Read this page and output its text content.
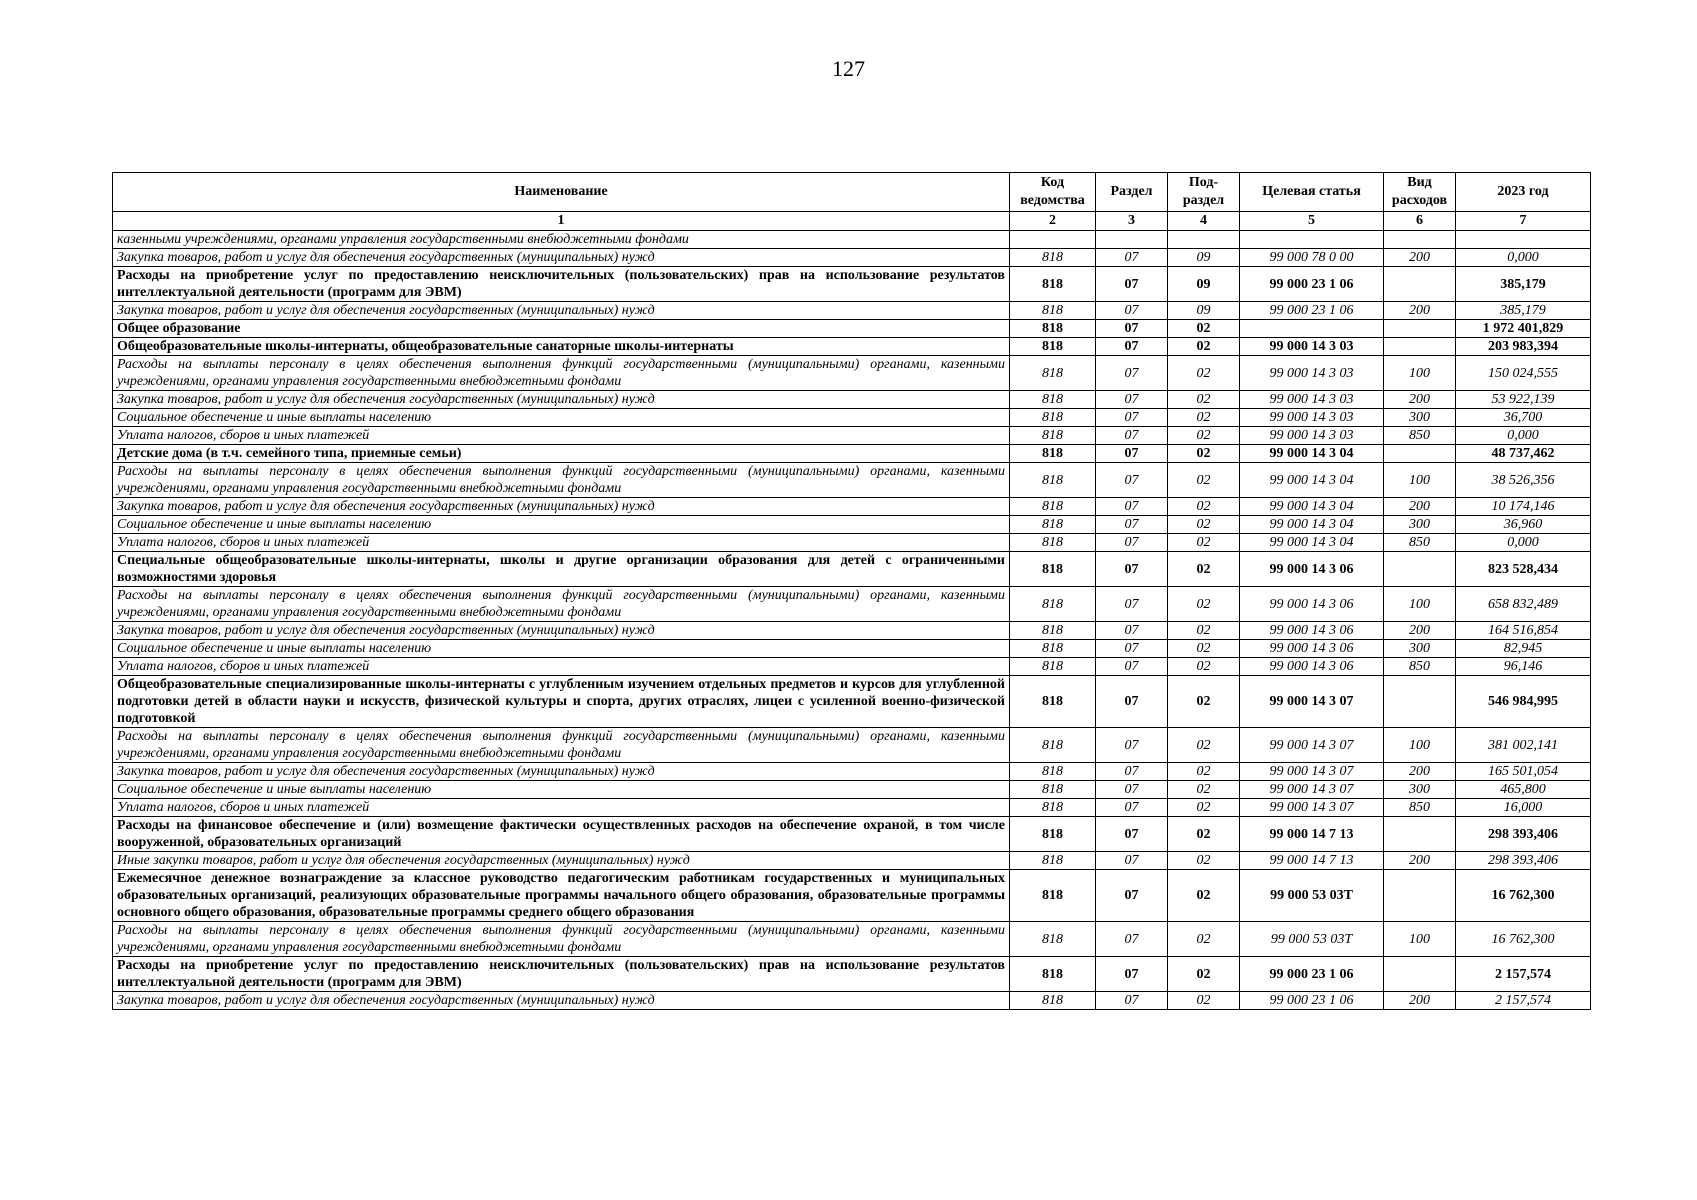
127
Наименование	Код ведомства	Раздел	Под-раздел	Целевая статья	Вид расходов	2023 год
1	2	3	4	5	6	7
казенными учреждениями, органами управления государственными внебюджетными фондами						
Закупка товаров, работ и услуг для обеспечения государственных (муниципальных) нужд	818	07	09	99 000 78 0 00	200	0,000
Расходы на приобретение услуг по предоставлению неисключительных (пользовательских) прав на использование результатов интеллектуальной деятельности (программ для ЭВМ)	818	07	09	99 000 23 1 06		385,179
Закупка товаров, работ и услуг для обеспечения государственных (муниципальных) нужд	818	07	09	99 000 23 1 06	200	385,179
Общее образование	818	07	02			1 972 401,829
Общеобразовательные школы-интернаты, общеобразовательные санаторные школы-интернаты	818	07	02	99 000 14 3 03		203 983,394
Расходы на выплаты персоналу в целях обеспечения выполнения функций государственными (муниципальными) органами, казенными учреждениями, органами управления государственными внебюджетными фондами	818	07	02	99 000 14 3 03	100	150 024,555
Закупка товаров, работ и услуг для обеспечения государственных (муниципальных) нужд	818	07	02	99 000 14 3 03	200	53 922,139
Социальное обеспечение и иные выплаты населению	818	07	02	99 000 14 3 03	300	36,700
Уплата налогов, сборов и иных платежей	818	07	02	99 000 14 3 03	850	0,000
Детские дома (в т.ч. семейного типа, приемные семьи)	818	07	02	99 000 14 3 04		48 737,462
Расходы на выплаты персоналу в целях обеспечения выполнения функций государственными (муниципальными) органами, казенными учреждениями, органами управления государственными внебюджетными фондами	818	07	02	99 000 14 3 04	100	38 526,356
Закупка товаров, работ и услуг для обеспечения государственных (муниципальных) нужд	818	07	02	99 000 14 3 04	200	10 174,146
Социальное обеспечение и иные выплаты населению	818	07	02	99 000 14 3 04	300	36,960
Уплата налогов, сборов и иных платежей	818	07	02	99 000 14 3 04	850	0,000
Специальные общеобразовательные школы-интернаты, школы и другие организации образования для детей с ограниченными возможностями здоровья	818	07	02	99 000 14 3 06		823 528,434
Расходы на выплаты персоналу в целях обеспечения выполнения функций государственными (муниципальными) органами, казенными учреждениями, органами управления государственными внебюджетными фондами	818	07	02	99 000 14 3 06	100	658 832,489
Закупка товаров, работ и услуг для обеспечения государственных (муниципальных) нужд	818	07	02	99 000 14 3 06	200	164 516,854
Социальное обеспечение и иные выплаты населению	818	07	02	99 000 14 3 06	300	82,945
Уплата налогов, сборов и иных платежей	818	07	02	99 000 14 3 06	850	96,146
Общеобразовательные специализированные школы-интернаты с углубленным изучением отдельных предметов и курсов для углубленной подготовки детей в области науки и искусств, физической культуры и спорта, других отраслях, лицеи с усиленной военно-физической подготовкой	818	07	02	99 000 14 3 07		546 984,995
Расходы на выплаты персоналу в целях обеспечения выполнения функций государственными (муниципальными) органами, казенными учреждениями, органами управления государственными внебюджетными фондами	818	07	02	99 000 14 3 07	100	381 002,141
Закупка товаров, работ и услуг для обеспечения государственных (муниципальных) нужд	818	07	02	99 000 14 3 07	200	165 501,054
Социальное обеспечение и иные выплаты населению	818	07	02	99 000 14 3 07	300	465,800
Уплата налогов, сборов и иных платежей	818	07	02	99 000 14 3 07	850	16,000
Расходы на финансовое обеспечение и (или) возмещение фактически осуществленных расходов на обеспечение охраной, в том числе вооруженной, образовательных организаций	818	07	02	99 000 14 7 13		298 393,406
Иные закупки товаров, работ и услуг для обеспечения государственных (муниципальных) нужд	818	07	02	99 000 14 7 13	200	298 393,406
Ежемесячное денежное вознаграждение за классное руководство педагогическим работникам государственных и муниципальных образовательных организаций, реализующих образовательные программы начального общего образования, образовательные программы основного общего образования, образовательные программы среднего общего образования	818	07	02	99 000 53 03Т		16 762,300
Расходы на выплаты персоналу в целях обеспечения выполнения функций государственными (муниципальными) органами, казенными учреждениями, органами управления государственными внебюджетными фондами	818	07	02	99 000 53 03Т	100	16 762,300
Расходы на приобретение услуг по предоставлению неисключительных (пользовательских) прав на использование результатов интеллектуальной деятельности (программ для ЭВМ)	818	07	02	99 000 23 1 06		2 157,574
Закупка товаров, работ и услуг для обеспечения государственных (муниципальных) нужд	818	07	02	99 000 23 1 06	200	2 157,574
